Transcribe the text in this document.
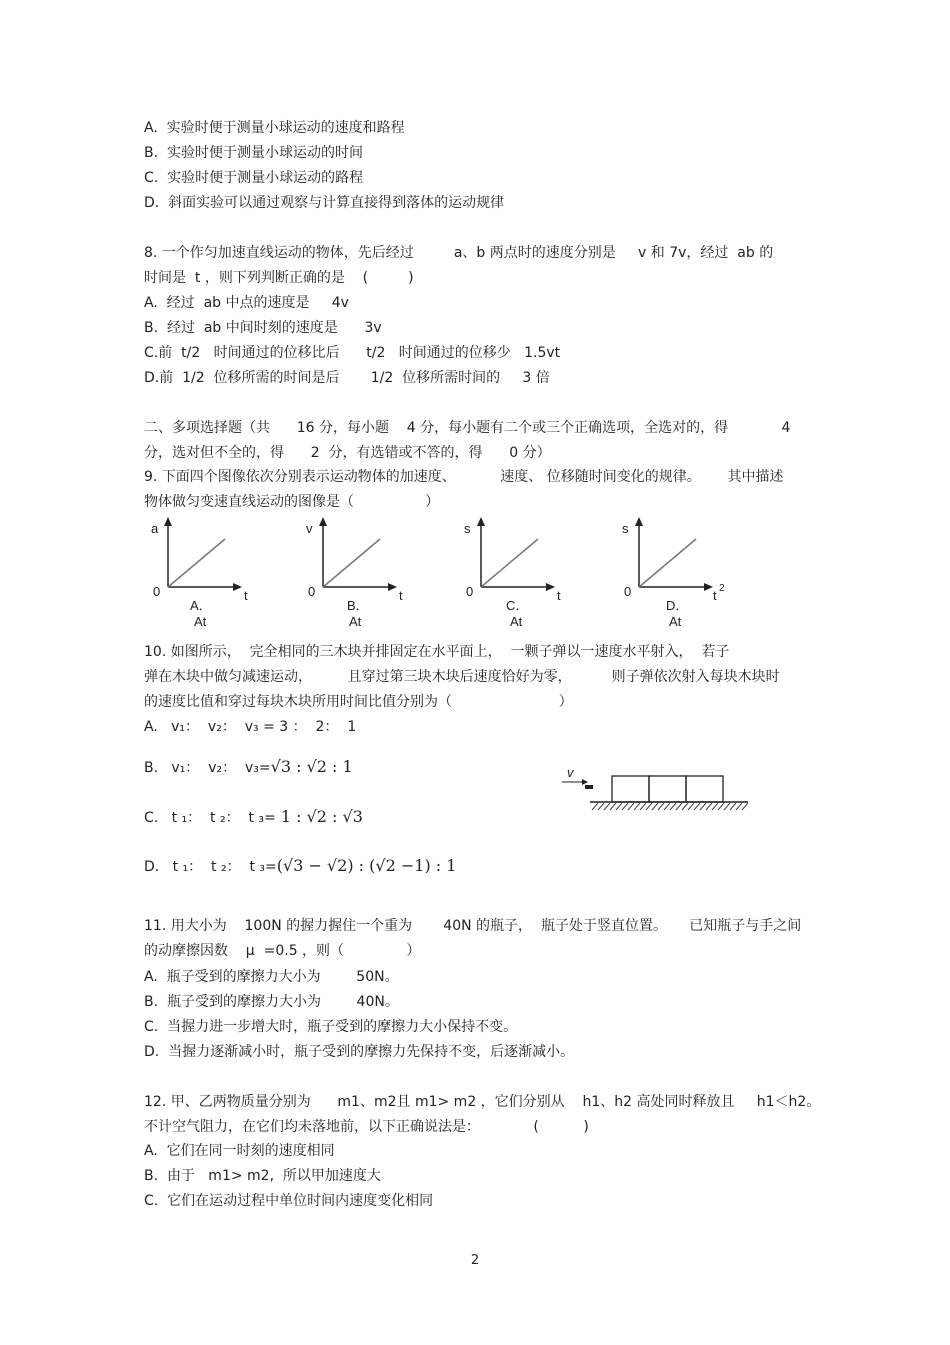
A.  实验时便于测量小球运动的速度和路程
B.  实验时便于测量小球运动的时间
C.  实验时便于测量小球运动的路程
D.  斜面实验可以通过观察与计算直接得到落体的运动规律
8. 一个作匀加速直线运动的物体，先后经过         a、b 两点时的速度分别是     v 和 7v，经过  ab 的
时间是  t ，则下列判断正确的是    (         )
A.  经过  ab 中点的速度是     4v
B.  经过  ab 中间时刻的速度是      3v
C.前  t/2   时间通过的位移比后      t/2   时间通过的位移少   1.5vt
D.前  1/2  位移所需的时间是后       1/2  位移所需时间的     3 倍
二、多项选择题（共      16 分，每小题    4 分，每小题有二个或三个正确选项，全选对的，得            4
分，选对但不全的，得      2  分，有选错或不答的，得      0 分）
9. 下面四个图像依次分别表示运动物体的加速度、          速度、 位移随时间变化的规律。      其中描述
物体做匀变速直线运动的图像是（                ）
a
0	t
A．
At
v
0	t
B．
At
s
0	t
C．
At
s
0	t 2
D．
At
10. 如图所示，  完全相同的三木块并排固定在水平面上，  一颗子弹以一速度水平射入，  若子
弹在木块中做匀减速运动，        且穿过第三块木块后速度恰好为零，         则子弹依次射入每块木块时
的速度比值和穿过每块木块所用时间比值分别为（                        ）
A.   v₁：  v₂：  v₃ = 3 ：  2：  1
B.   v₁：  v₂：  v₃=√3 : √2 : 1
C.   t ₁：  t ₂：  t ₃= 1 : √2 : √3
D.   t ₁：  t ₂：  t ₃=(√3 − √2) : (√2 −1) : 1
v
11. 用大小为    100N 的握力握住一个重为       40N 的瓶子，  瓶子处于竖直位置。     已知瓶子与手之间
的动摩擦因数    μ  =0.5 ，则（              ）
A.  瓶子受到的摩擦力大小为        50N。
B.  瓶子受到的摩擦力大小为        40N。
C.  当握力进一步增大时，瓶子受到的摩擦力大小保持不变。
D.  当握力逐渐减小时，瓶子受到的摩擦力先保持不变，后逐渐减小。
12. 甲、乙两物质量分别为      m1、m2且 m1> m2 ，它们分别从    h1、h2 高处同时释放且     h1＜h2。
不计空气阻力，在它们均未落地前，以下正确说法是：            (          )
A.  它们在同一时刻的速度相同
B.  由于   m1> m2,  所以甲加速度大
C.  它们在运动过程中单位时间内速度变化相同
2
